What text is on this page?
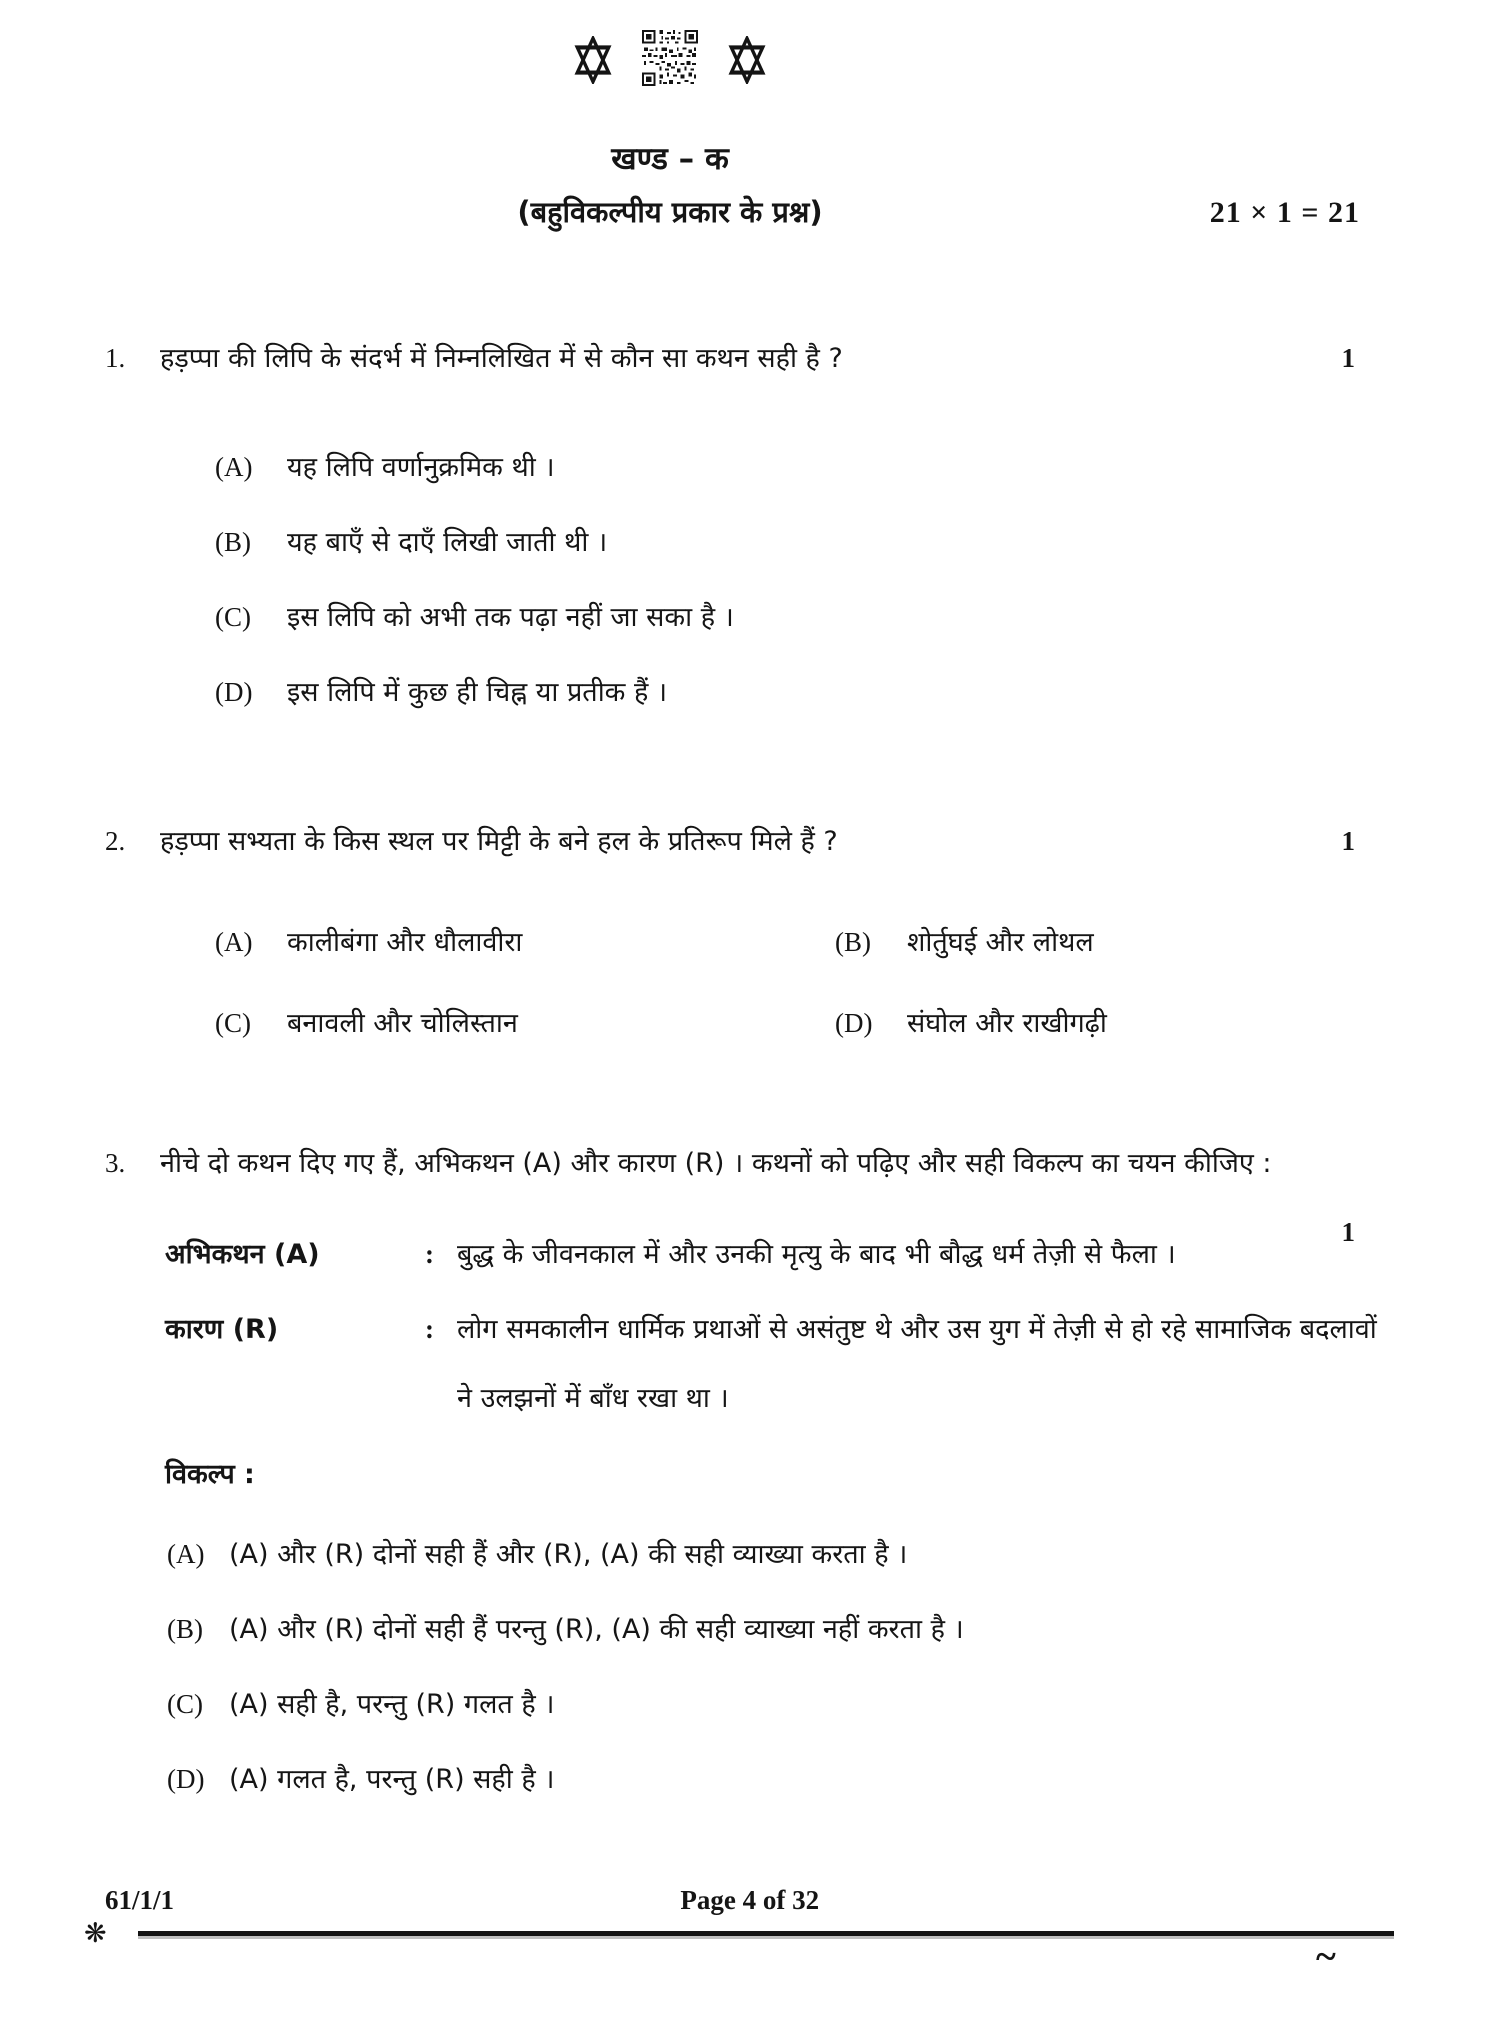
खण्ड – क
(बहुविकल्पीय प्रकार के प्रश्न)	21 × 1 = 21
1.	हड़प्पा की लिपि के संदर्भ में निम्नलिखित में से कौन सा कथन सही है ?	1
(A)	यह लिपि वर्णानुक्रमिक थी ।

(B)	यह बाएँ से दाएँ लिखी जाती थी ।

(C)	इस लिपि को अभी तक पढ़ा नहीं जा सका है ।

(D)	इस लिपि में कुछ ही चिह्न या प्रतीक हैं ।

2.	हड़प्पा सभ्यता के किस स्थल पर मिट्टी के बने हल के प्रतिरूप मिले हैं ?	1
(A)	कालीबंगा और धौलावीरा	(B)	शोर्तुघई और लोथल

(C)	बनावली और चोलिस्तान	(D)	संघोल और राखीगढ़ी

3.	नीचे दो कथन दिए गए हैं, अभिकथन (A) और कारण (R) । कथनों को पढ़िए और सही विकल्प का चयन कीजिए :

1
अभिकथन (A)	: बुद्ध के जीवनकाल में और उनकी मृत्यु के बाद भी बौद्ध धर्म तेज़ी से फैला ।

कारण (R)	: लोग समकालीन धार्मिक प्रथाओं से असंतुष्ट थे और उस युग में तेज़ी से हो रहे सामाजिक बदलावों ने उलझनों में बाँध रखा था ।

विकल्प :

(A) (A) और (R) दोनों सही हैं और (R), (A) की सही व्याख्या करता है ।

(B) (A) और (R) दोनों सही हैं परन्तु (R), (A) की सही व्याख्या नहीं करता है ।

(C) (A) सही है, परन्तु (R) गलत है ।

(D) (A) गलत है, परन्तु (R) सही है ।

61/1/1	Page 4 of 32
❋
~
